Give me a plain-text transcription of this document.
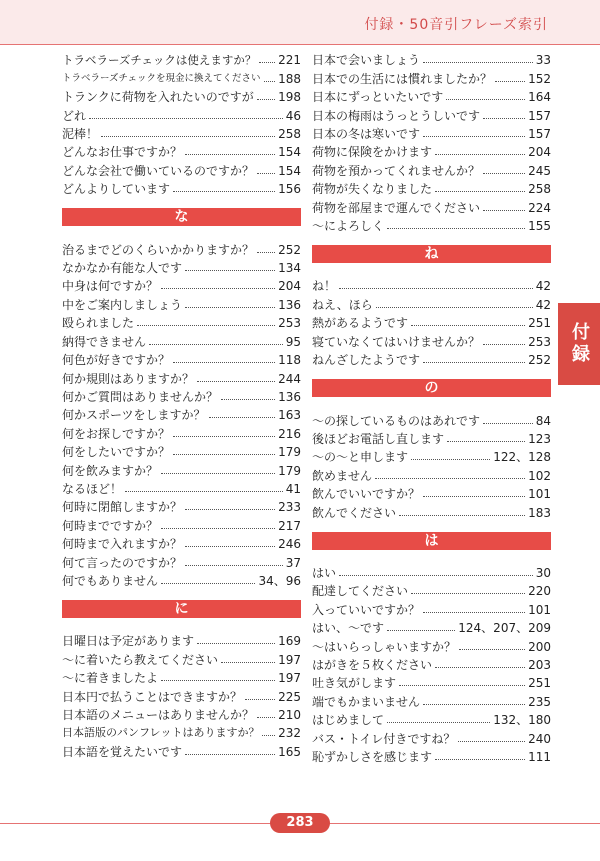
付録・50音引フレーズ索引
トラベラーズチェックは使えますか？ 221
トラベラーズチェックを現金に換えてください 188
トランクに荷物を入れたいのですが 198
どれ	46
泥棒！	258
どんなお仕事ですか？	154
どんな会社で働いているのですか？ 154
どんよりしています	156
な
治るまでどのくらいかかりますか？ 252
なかなか有能な人です	134
中身は何ですか？	204
中をご案内しましょう	136
殴られました	253
納得できません	95
何色が好きですか？	118
何か規則はありますか？	244
何かご質問はありませんか？	136
何かスポーツをしますか？	163
何をお探しですか？	216
何をしたいですか？	179
何を飲みますか？	179
なるほど！	41
何時に閉館しますか？	233
何時までですか？	217
何時まで入れますか？	246
何て言ったのですか？	37
何でもありません	34、96
に
日曜日は予定があります	169
～に着いたら教えてください	197
～に着きましたよ	197
日本円で払うことはできますか？	225
日本語のメニューはありませんか？ 210
日本語版のパンフレットはありますか？ 232
日本語を覚えたいです	165
日本で会いましょう	33
日本での生活には慣れましたか？	152
日本にずっといたいです	164
日本の梅雨はうっとうしいです	157
日本の冬は寒いです	157
荷物に保険をかけます	204
荷物を預かってくれませんか？	245
荷物が失くなりました	258
荷物を部屋まで運んでください	224
～によろしく	155
ね
ね！	42
ねえ、ほら	42
熱があるようです	251
寝ていなくてはいけませんか？	253
ねんざしたようです	252
の
～の探しているものはあれです	84
後ほどお電話し直します	123
～の～と申します	122、128
飲めません	102
飲んでいいですか？	101
飲んでください	183
は
はい	30
配達してください	220
入っていいですか？	101
はい、～です	124、207、209
～はいらっしゃいますか？	200
はがきを５枚ください	203
吐き気がします	251
端でもかまいません	235
はじめまして	132、180
バス・トイレ付きですね？	240
恥ずかしさを感じます	111
付録
283
